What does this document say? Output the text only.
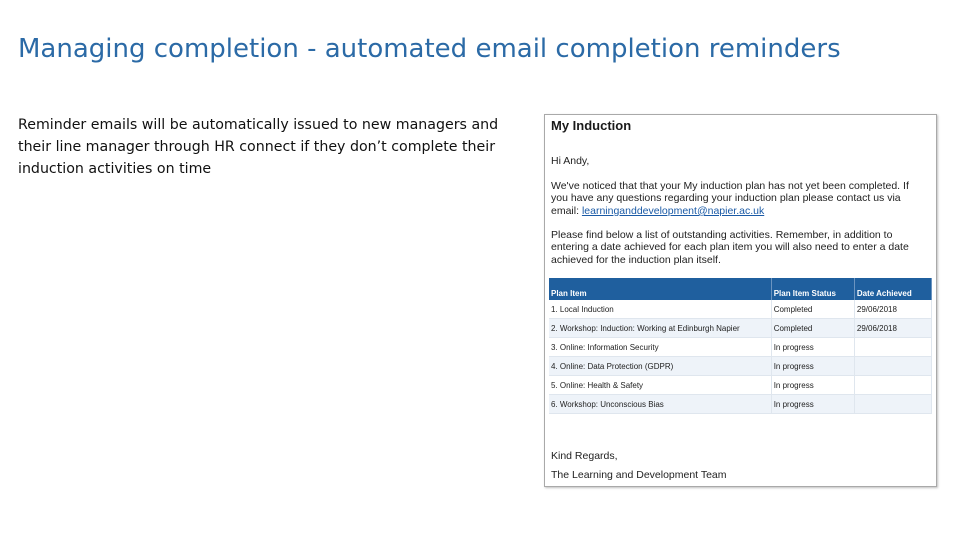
Managing completion - automated email completion reminders

Reminder emails will be automatically issued to new managers and their line manager through HR connect if they don’t complete their induction activities on time

My Induction
Hi Andy,
We've noticed that that your My induction plan has not yet been completed. If you have any questions regarding your induction plan please contact us via email: learninganddevelopment@napier.ac.uk
Please find below a list of outstanding activities. Remember, in addition to entering a date achieved for each plan item you will also need to enter a date achieved for the induction plan itself.
Plan Item	Plan Item Status	Date Achieved
1. Local Induction	Completed	29/06/2018
2. Workshop: Induction: Working at Edinburgh Napier	Completed	29/06/2018
3. Online: Information Security	In progress	
4. Online: Data Protection (GDPR)	In progress	
5. Online: Health & Safety	In progress	
6. Workshop: Unconscious Bias	In progress	
Kind Regards,
The Learning and Development Team
